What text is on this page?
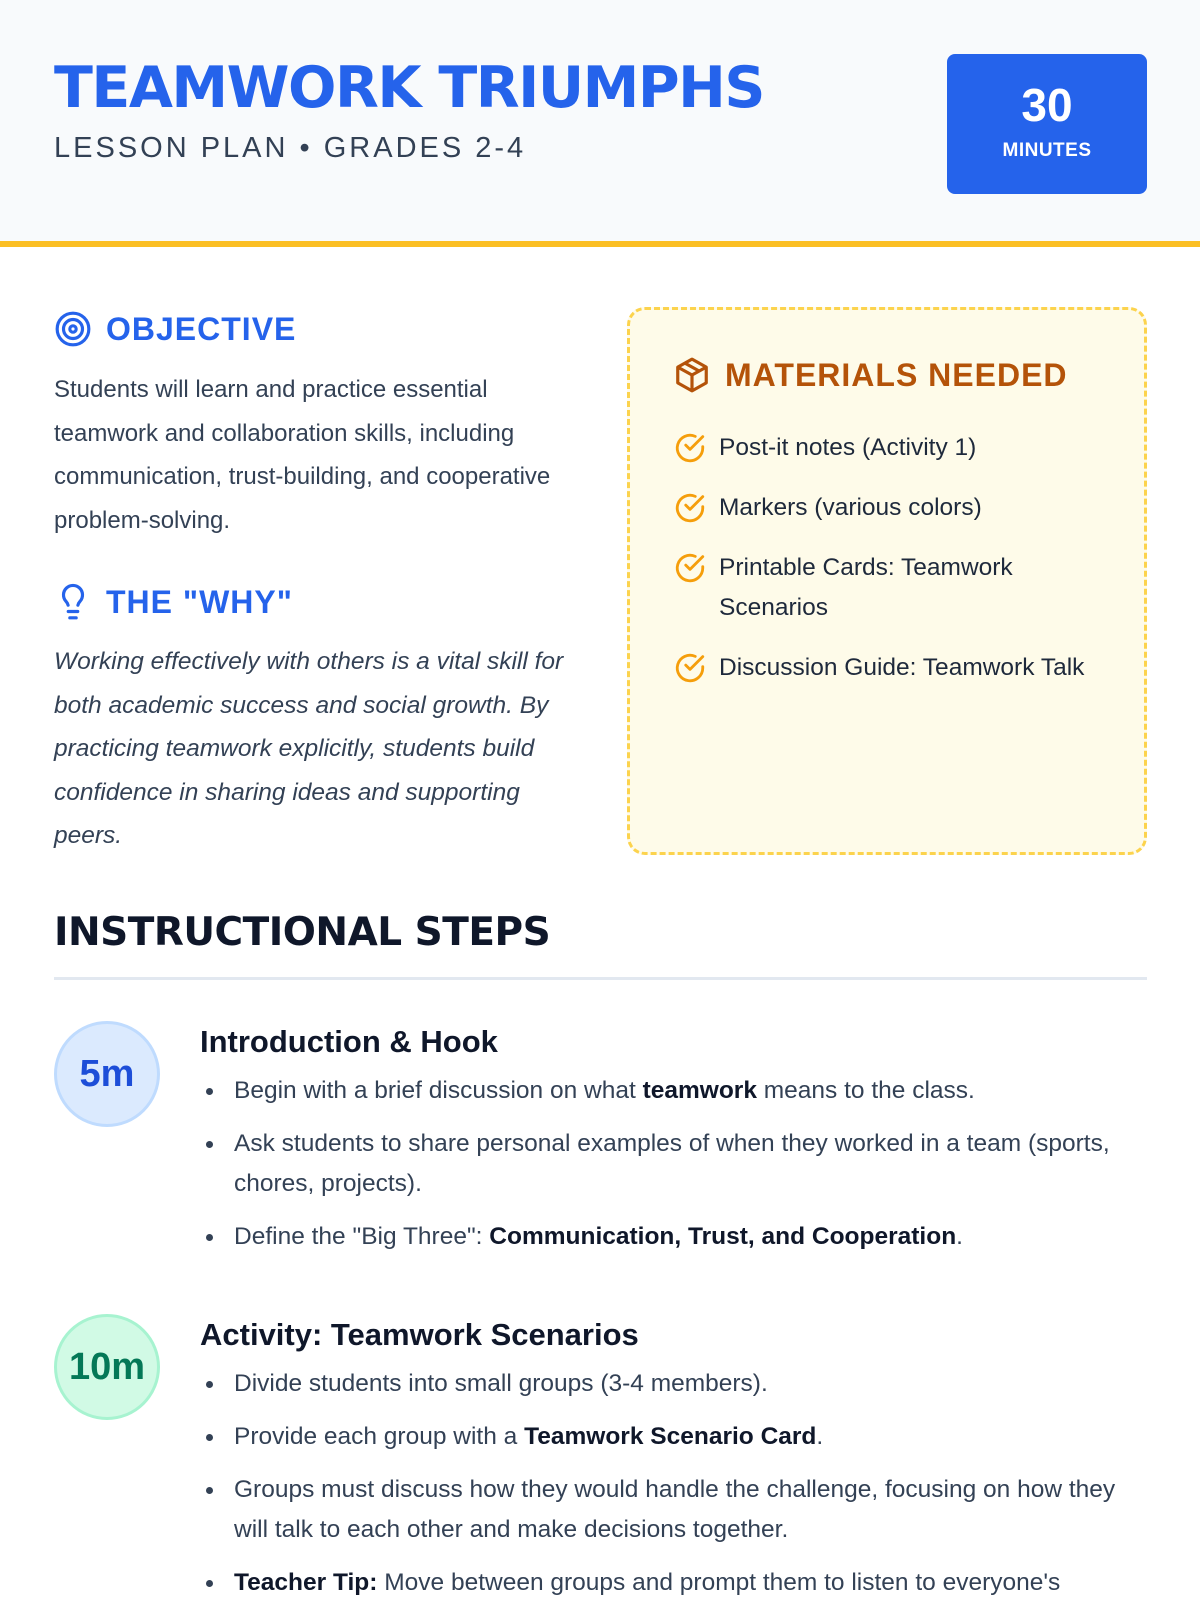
TEAMWORK TRIUMPHS
LESSON PLAN • GRADES 2-4
30
MINUTES
OBJECTIVE

Students will learn and practice essential teamwork and collaboration skills, including communication, trust-building, and cooperative problem-solving.

THE "WHY"

Working effectively with others is a vital skill for both academic success and social growth. By practicing teamwork explicitly, students build confidence in sharing ideas and supporting peers.

MATERIALS NEEDED
Post-it notes (Activity 1)
Markers (various colors)
Printable Cards: Teamwork Scenarios
Discussion Guide: Teamwork Talk
INSTRUCTIONAL STEPS
5m
Introduction & Hook
Begin with a brief discussion on what teamwork means to the class.
Ask students to share personal examples of when they worked in a team (sports, chores, projects).
Define the "Big Three": Communication, Trust, and Cooperation.
10m
Activity: Teamwork Scenarios
Divide students into small groups (3-4 members).
Provide each group with a Teamwork Scenario Card.
Groups must discuss how they would handle the challenge, focusing on how they will talk to each other and make decisions together.
Teacher Tip: Move between groups and prompt them to listen to everyone's
